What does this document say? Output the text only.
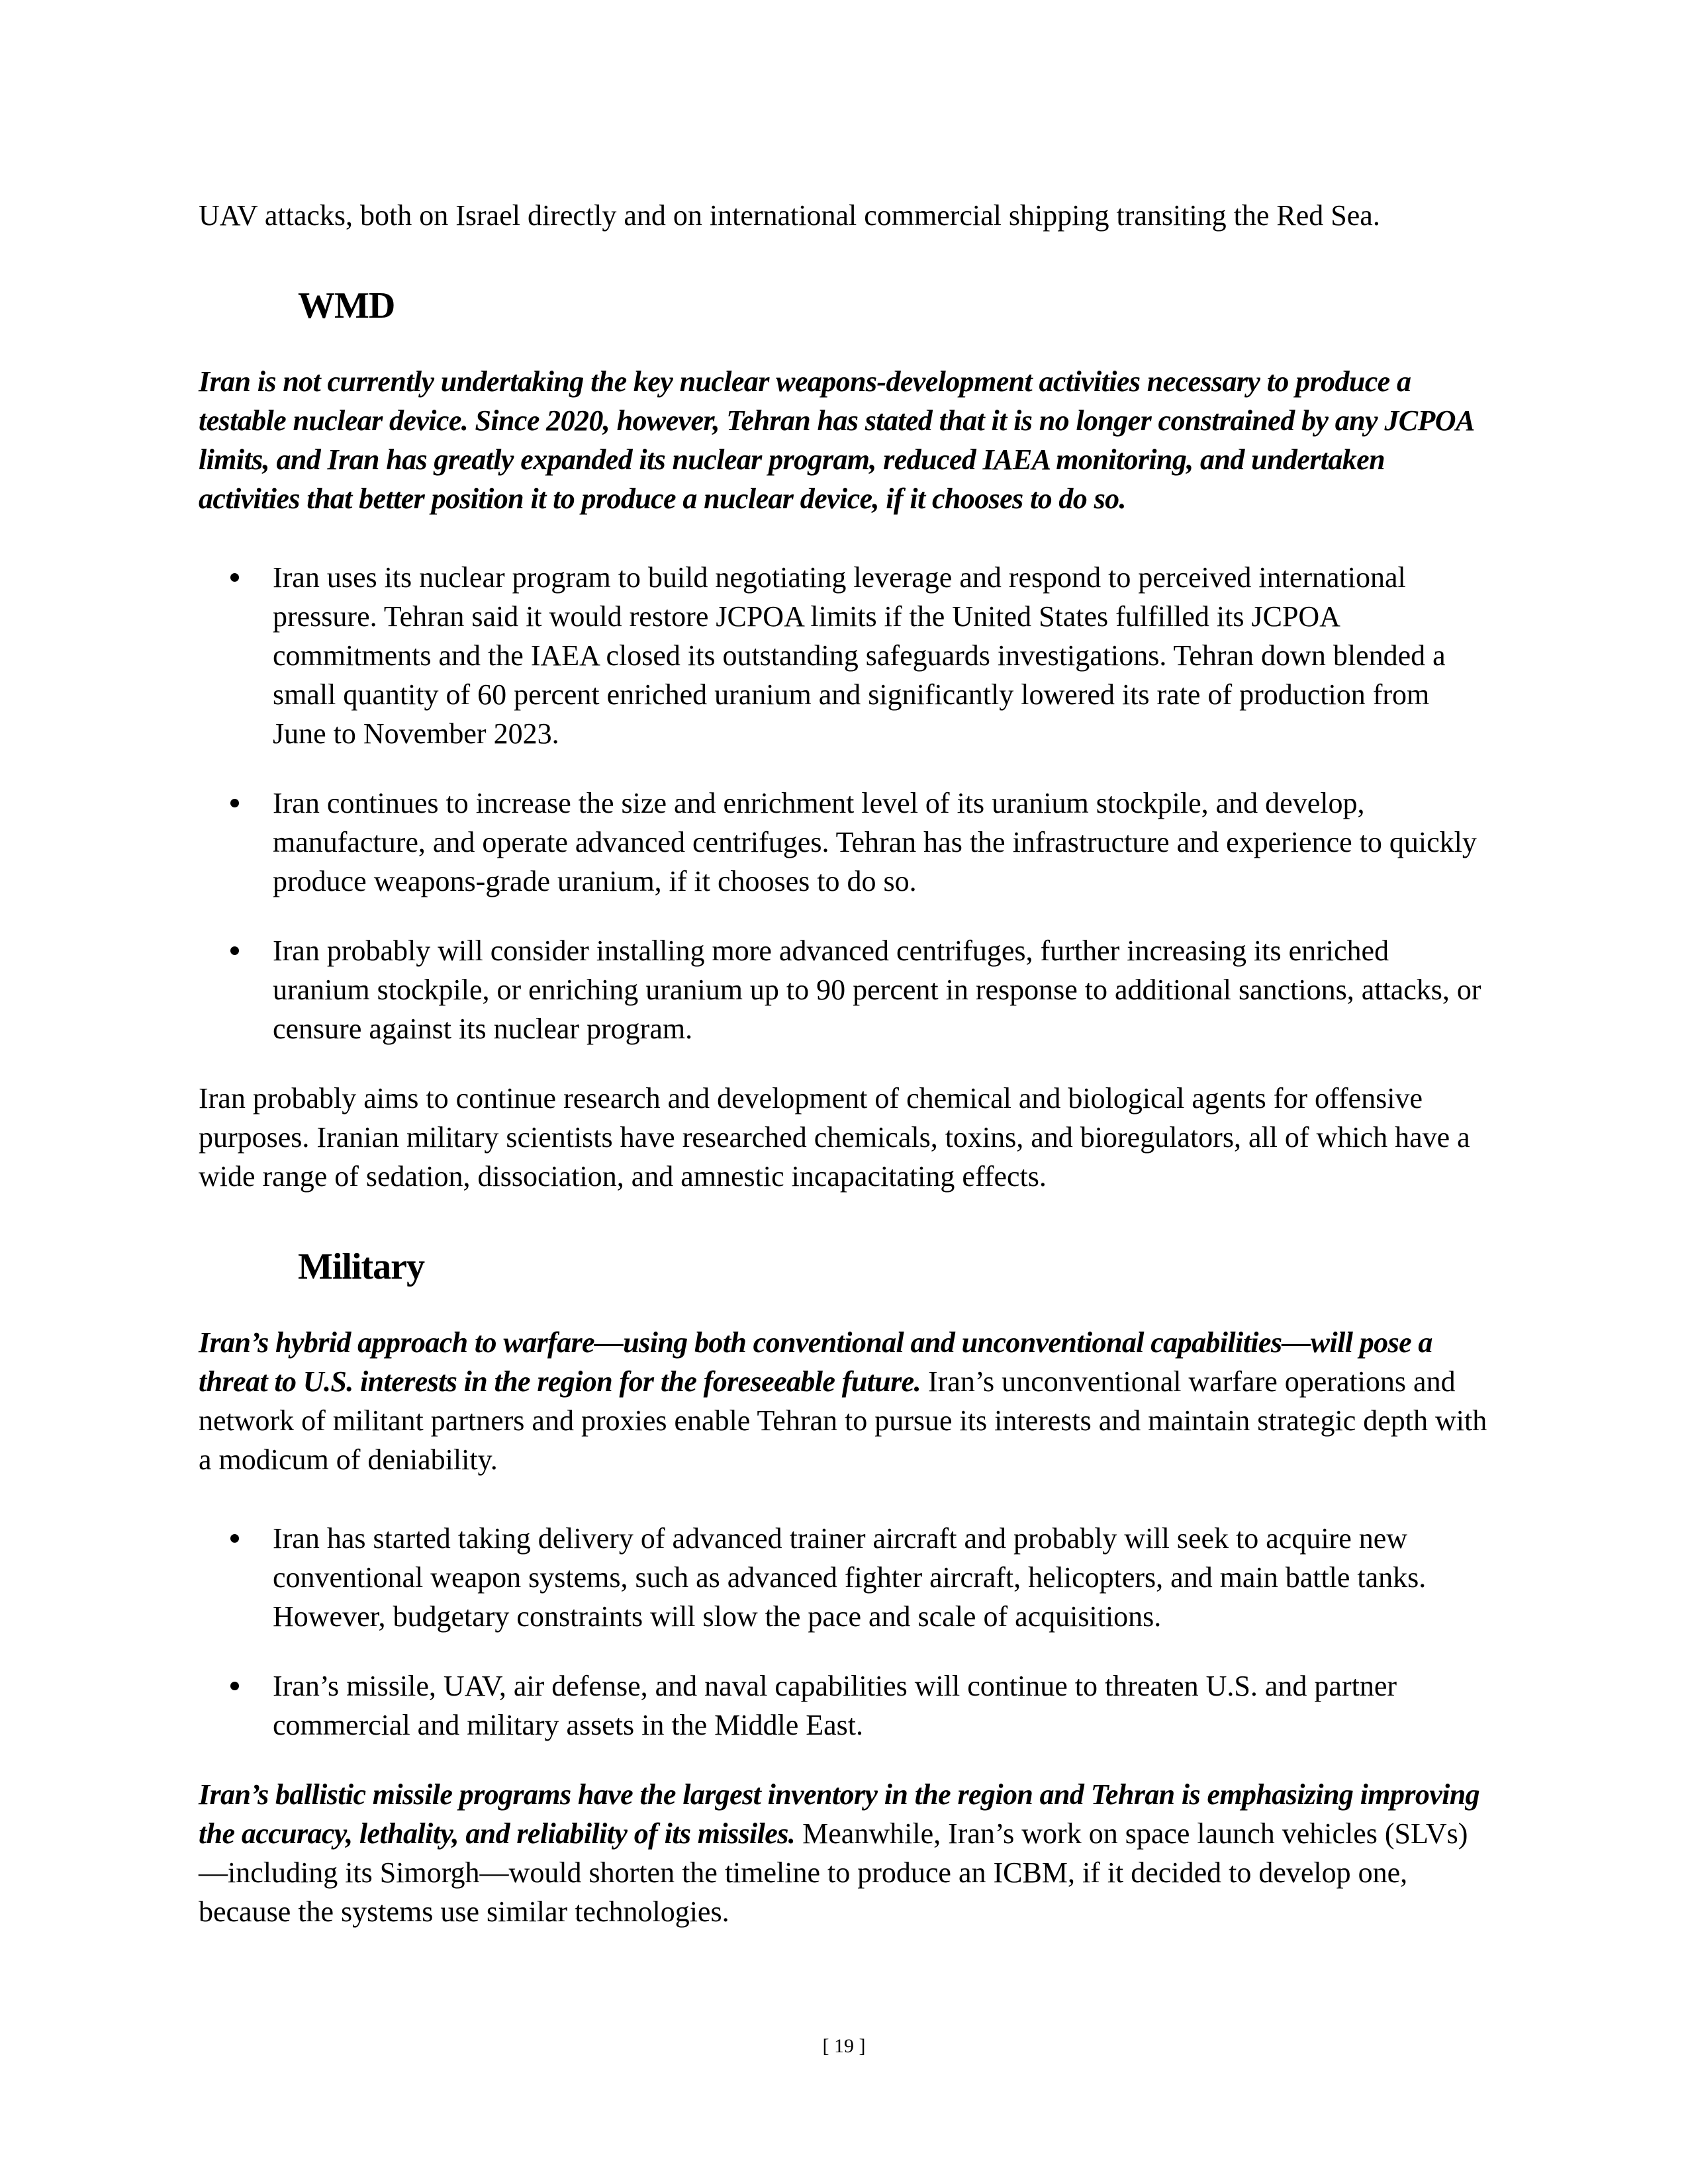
UAV attacks, both on Israel directly and on international commercial shipping transiting the Red Sea.

WMD

Iran is not currently undertaking the key nuclear weapons-development activities necessary to produce a testable nuclear device. Since 2020, however, Tehran has stated that it is no longer constrained by any JCPOA limits, and Iran has greatly expanded its nuclear program, reduced IAEA monitoring, and undertaken activities that better position it to produce a nuclear device, if it chooses to do so.

Iran uses its nuclear program to build negotiating leverage and respond to perceived international pressure. Tehran said it would restore JCPOA limits if the United States fulfilled its JCPOA commitments and the IAEA closed its outstanding safeguards investigations. Tehran down blended a small quantity of 60 percent enriched uranium and significantly lowered its rate of production from June to November 2023.
Iran continues to increase the size and enrichment level of its uranium stockpile, and develop, manufacture, and operate advanced centrifuges. Tehran has the infrastructure and experience to quickly produce weapons-grade uranium, if it chooses to do so.
Iran probably will consider installing more advanced centrifuges, further increasing its enriched uranium stockpile, or enriching uranium up to 90 percent in response to additional sanctions, attacks, or censure against its nuclear program.

Iran probably aims to continue research and development of chemical and biological agents for offensive purposes. Iranian military scientists have researched chemicals, toxins, and bioregulators, all of which have a wide range of sedation, dissociation, and amnestic incapacitating effects.

Military

Iran’s hybrid approach to warfare—using both conventional and unconventional capabilities—will pose a threat to U.S. interests in the region for the foreseeable future. Iran’s unconventional warfare operations and network of militant partners and proxies enable Tehran to pursue its interests and maintain strategic depth with a modicum of deniability.

Iran has started taking delivery of advanced trainer aircraft and probably will seek to acquire new conventional weapon systems, such as advanced fighter aircraft, helicopters, and main battle tanks. However, budgetary constraints will slow the pace and scale of acquisitions.
Iran’s missile, UAV, air defense, and naval capabilities will continue to threaten U.S. and partner commercial and military assets in the Middle East.

Iran’s ballistic missile programs have the largest inventory in the region and Tehran is emphasizing improving the accuracy, lethality, and reliability of its missiles. Meanwhile, Iran’s work on space launch vehicles (SLVs)—including its Simorgh—would shorten the timeline to produce an ICBM, if it decided to develop one, because the systems use similar technologies.

[ 19 ]
